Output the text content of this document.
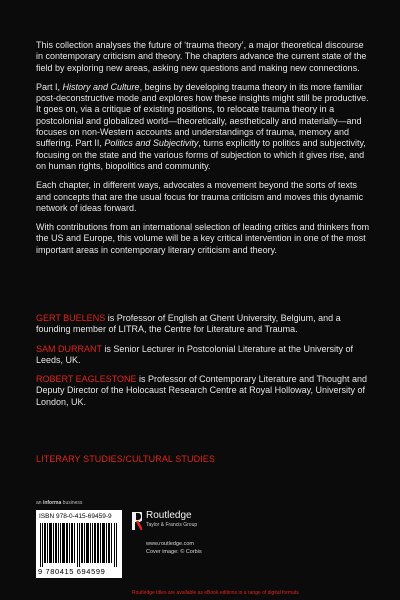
This collection analyses the future of ‘trauma theory’, a major theoretical discourse in contemporary criticism and theory. The chapters advance the current state of the field by exploring new areas, asking new questions and making new connections.

Part I, History and Culture, begins by developing trauma theory in its more familiar post-deconstructive mode and explores how these insights might still be productive. It goes on, via a critique of existing positions, to relocate trauma theory in a postcolonial and globalized world—theoretically, aesthetically and materially—and focuses on non-Western accounts and understandings of trauma, memory and suffering. Part II, Politics and Subjectivity, turns explicitly to politics and subjectivity, focusing on the state and the various forms of subjection to which it gives rise, and on human rights, biopolitics and community.

Each chapter, in different ways, advocates a movement beyond the sorts of texts and concepts that are the usual focus for trauma criticism and moves this dynamic network of ideas forward.

With contributions from an international selection of leading critics and thinkers from the US and Europe, this volume will be a key critical intervention in one of the most important areas in contemporary literary criticism and theory.

GERT BUELENS is Professor of English at Ghent University, Belgium, and a founding member of LITRA, the Centre for Literature and Trauma.

SAM DURRANT is Senior Lecturer in Postcolonial Literature at the University of Leeds, UK.

ROBERT EAGLESTONE is Professor of Contemporary Literature and Thought and Deputy Director of the Holocaust Research Centre at Royal Holloway, University of London, UK.

LITERARY STUDIES/CULTURAL STUDIES
an informa business
ISBN 978-0-415-69459-9
9 780415 694599
Routledge
Taylor & Francis Group
www.routledge.com
Cover image: © Corbis
Routledge titles are available as eBook editions in a range of digital formats
